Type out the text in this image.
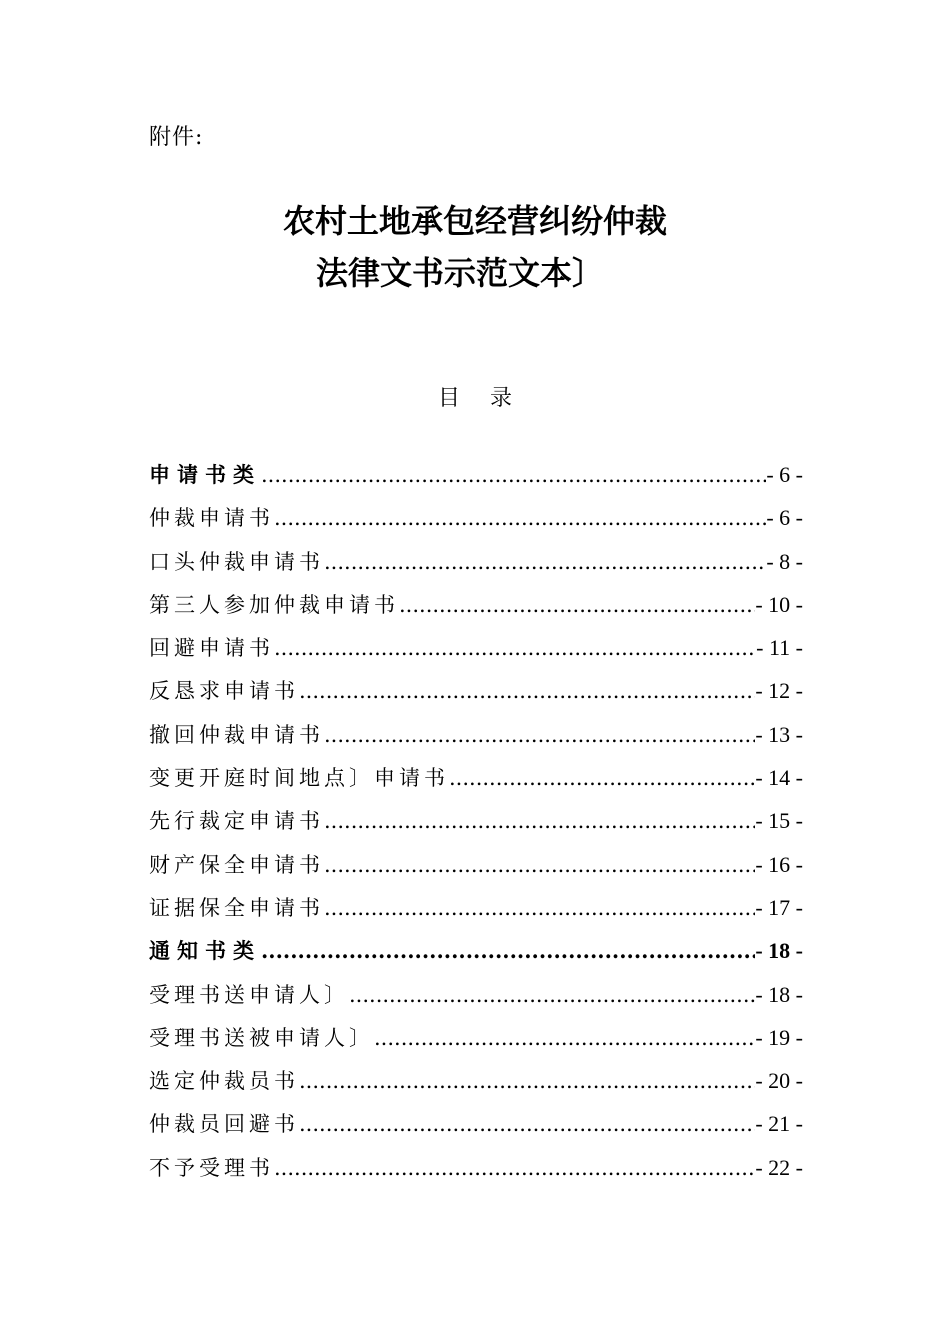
附件:
农村土地承包经营纠纷仲裁
法律文书示范文本〕
目录
申请书类 .....	- 6 -
仲裁申请书 .....	- 6 -
口头仲裁申请书 .....	- 8 -
第三人参加仲裁申请书 .....	- 10 -
回避申请书 .....	- 11 -
反恳求申请书 .....	- 12 -
撤回仲裁申请书 .....	- 13 -
变更开庭时间地点〕申请书 .....	- 14 -
先行裁定申请书 .....	- 15 -
财产保全申请书 .....	- 16 -
证据保全申请书 .....	- 17 -
通知书类 .....	- 18 -
受理书送申请人〕 .....	- 18 -
受理书送被申请人〕 .....	- 19 -
选定仲裁员书 .....	- 20 -
仲裁员回避书 .....	- 21 -
不予受理书 .....	- 22 -
